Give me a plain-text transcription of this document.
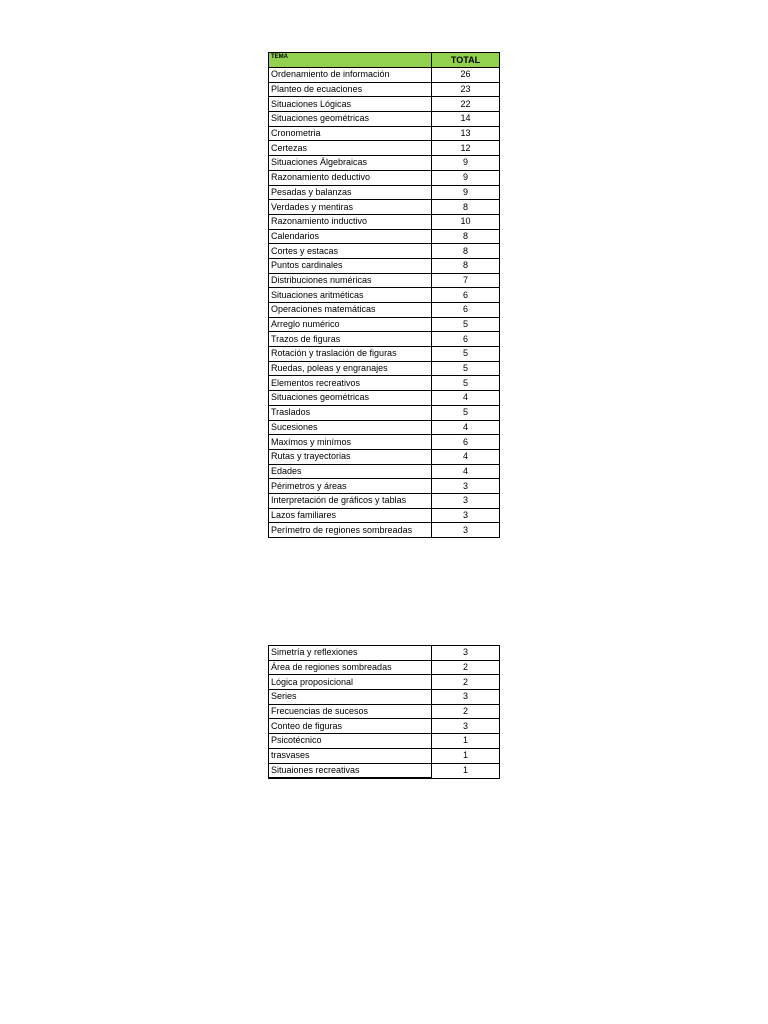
TEMA	TOTAL
Ordenamiento de información	26
Planteo de ecuaciones	23
Situaciones Lógicas	22
Situaciones geométricas	14
Cronometria	13
Certezas	12
Situaciones Álgebraicas	9
Razonamiento deductivo	9
Pesadas y balanzas	9
Verdades y mentiras	8
Razonamiento inductivo	10
Calendarios	8
Cortes y estacas	8
Puntos cardinales	8
Distribuciones numéricas	7
Situaciones aritméticas	6
Operaciones matemáticas	6
Arreglo numérico	5
Trazos de figuras	6
Rotación y traslación de figuras	5
Ruedas, poleas y engranajes	5
Elementos recreativos	5
Situaciones geométricas	4
Traslados	5
Sucesiones	4
Maxímos y minímos	6
Rutas y trayectorias	4
Edades	4
Périmetros y áreas	3
Interpretación de gráficos y tablas	3
Lazos familiares	3
Perímetro de regiones sombreadas	3
Simetría y reflexiones	3
Área de regiones sombreadas	2
Lógica proposicional	2
Series	3
Frecuencias de sucesos	2
Conteo de figuras	3
Psicotécnico	1
trasvases	1
Situaiones recreativas	1
